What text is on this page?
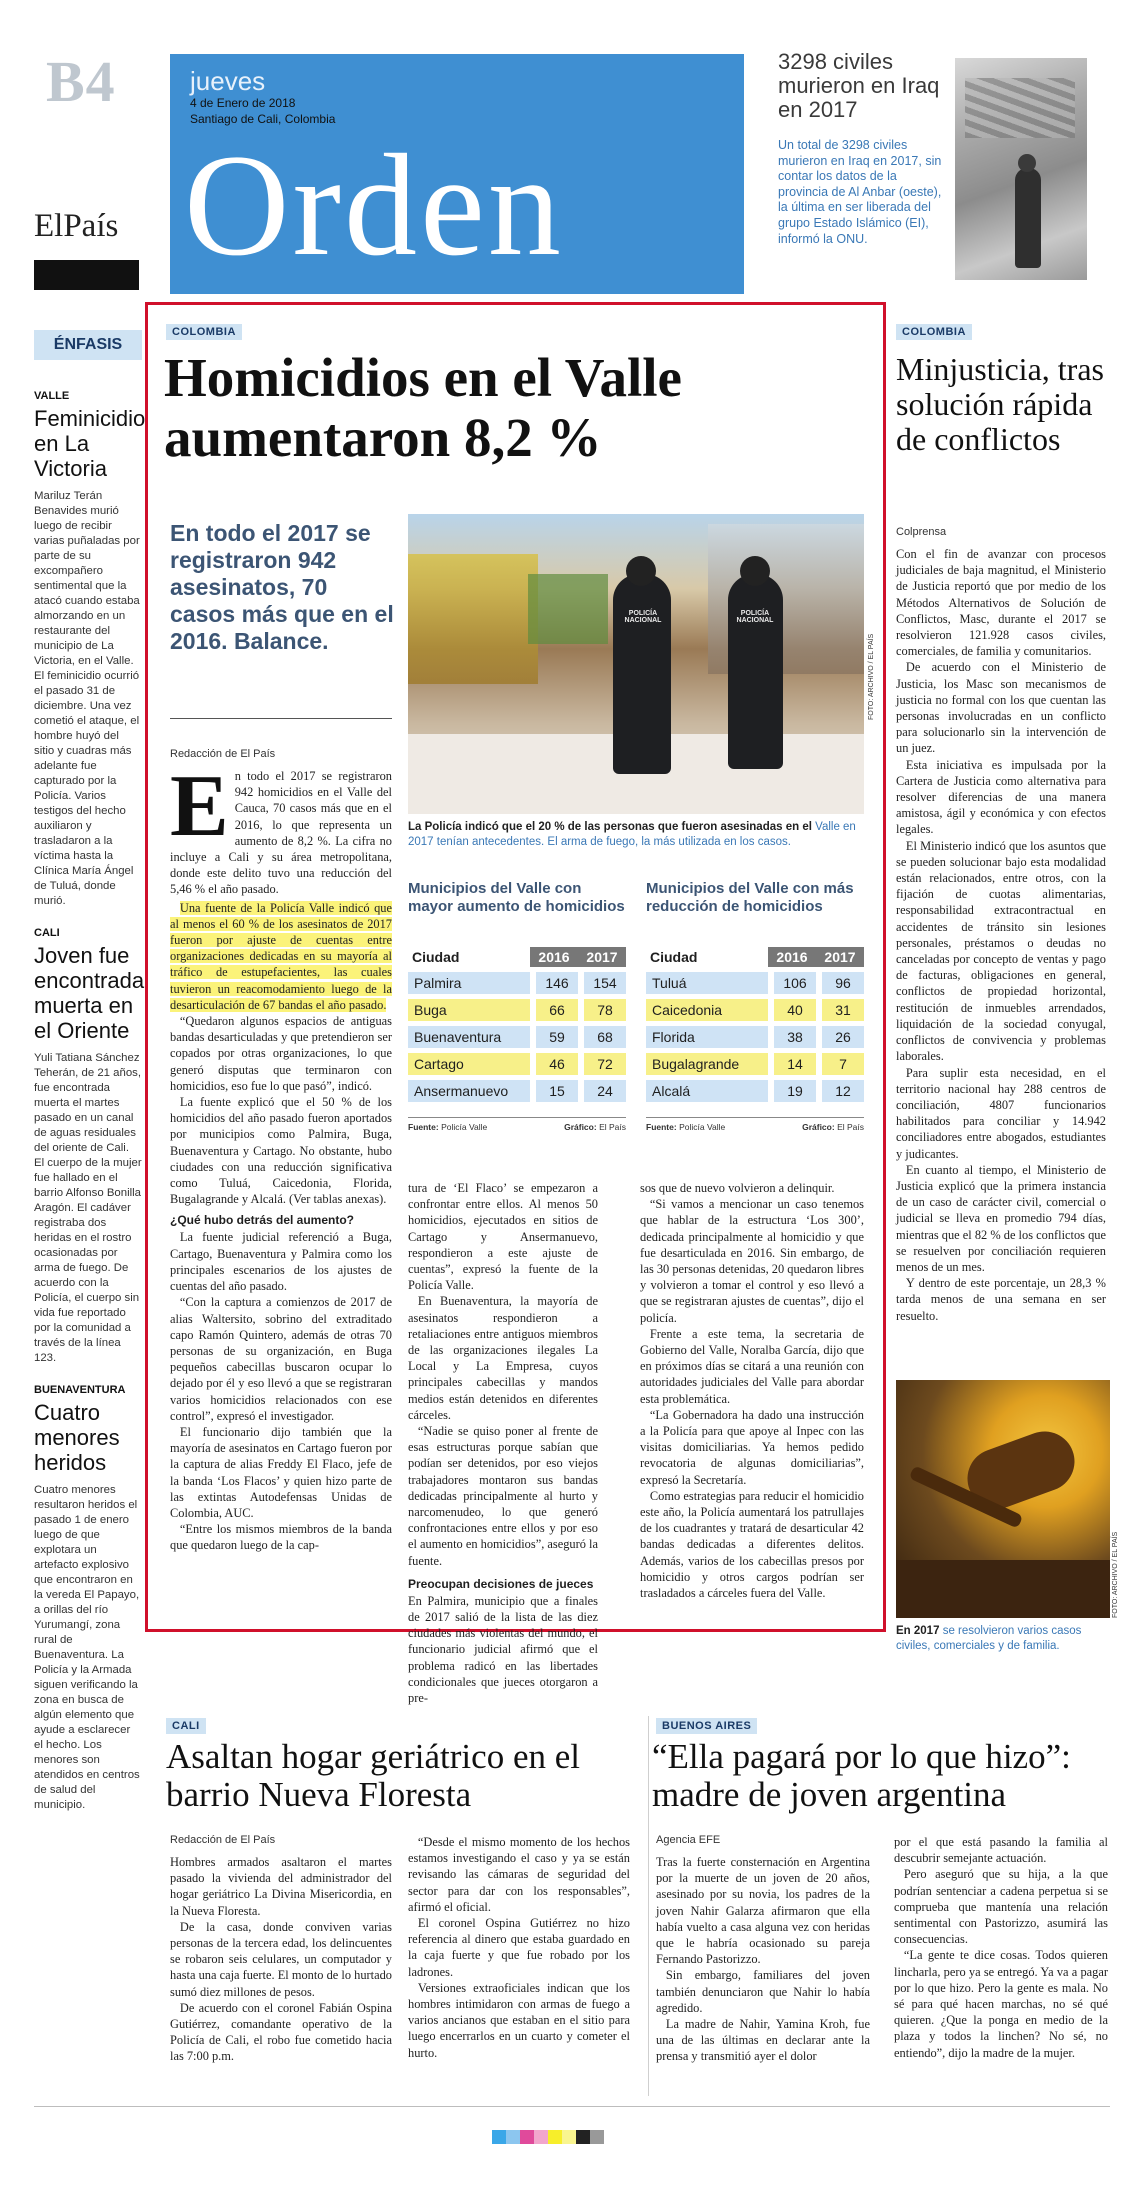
B4
ElPaís
jueves
4 de Enero de 2018
Santiago de Cali, Colombia
Orden
3298 civiles murieron en Iraq en 2017
Un total de 3298 civiles murieron en Iraq en 2017, sin contar los datos de la provincia de Al Anbar (oeste), la última en ser liberada del grupo Estado Islámico (EI), informó la ONU.
ÉNFASIS
VALLE
Feminicidio en La Victoria

Mariluz Terán Benavides murió luego de recibir varias puñaladas por parte de su excompañero sentimental que la atacó cuando estaba almorzando en un restaurante del municipio de La Victoria, en el Valle. El feminicidio ocurrió el pasado 31 de diciembre. Una vez cometió el ataque, el hombre huyó del sitio y cuadras más adelante fue capturado por la Policía. Varios testigos del hecho auxiliaron y trasladaron a la víctima hasta la Clínica María Ángel de Tuluá, donde murió.

CALI
Joven fue encontrada muerta en el Oriente

Yuli Tatiana Sánchez Teherán, de 21 años, fue encontrada muerta el martes pasado en un canal de aguas residuales del oriente de Cali. El cuerpo de la mujer fue hallado en el barrio Alfonso Bonilla Aragón. El cadáver registraba dos heridas en el rostro ocasionadas por arma de fuego. De acuerdo con la Policía, el cuerpo sin vida fue reportado por la comunidad a través de la línea 123.

BUENAVENTURA
Cuatro menores heridos

Cuatro menores resultaron heridos el pasado 1 de enero luego de que explotara un artefacto explosivo que encontraron en la vereda El Papayo, a orillas del río Yurumangí, zona rural de Buenaventura. La Policía y la Armada siguen verificando la zona en busca de algún elemento que ayude a esclarecer el hecho. Los menores son atendidos en centros de salud del municipio.

COLOMBIA
Homicidios en el Valle aumentaron 8,2 %
En todo el 2017 se registraron 942 asesinatos, 70 casos más que en el 2016. Balance.
Redacción de El País
POLICÍA NACIONAL
POLICÍA NACIONAL
FOTO: ARCHIVO / EL PAÍS
La Policía indicó que el 20 % de las personas que fueron asesinadas en el Valle en 2017 tenían antecedentes. El arma de fuego, la más utilizada en los casos.
E n todo el 2017 se registraron 942 homicidios en el Valle del Cauca, 70 casos más que en el 2016, lo que representa un aumento de 8,2 %. La cifra no incluye a Cali y su área metropolitana, donde este delito tuvo una reducción del 5,46 % el año pasado.

Una fuente de la Policía Valle indicó que al menos el 60 % de los asesinatos de 2017 fueron por ajuste de cuentas entre organizaciones dedicadas en su mayoría al tráfico de estupefacientes, las cuales tuvieron un reacomodamiento luego de la desarticulación de 67 bandas el año pasado.

“Quedaron algunos espacios de antiguas bandas desarticuladas y que pretendieron ser copados por otras organizaciones, lo que generó disputas que terminaron con homicidios, eso fue lo que pasó”, indicó.

La fuente explicó que el 50 % de los homicidios del año pasado fueron aportados por municipios como Palmira, Buga, Buenaventura y Cartago. No obstante, hubo ciudades con una reducción significativa como Tuluá, Caicedonia, Florida, Bugalagrande y Alcalá. (Ver tablas anexas).

¿Qué hubo detrás del aumento?

La fuente judicial referenció a Buga, Cartago, Buenaventura y Palmira como los principales escenarios de los ajustes de cuentas del año pasado.

“Con la captura a comienzos de 2017 de alias Waltersito, sobrino del extraditado capo Ramón Quintero, además de otras 70 personas de su organización, en Buga pequeños cabecillas buscaron ocupar lo dejado por él y eso llevó a que se registraran varios homicidios relacionados con ese control”, expresó el investigador.

El funcionario dijo también que la mayoría de asesinatos en Cartago fueron por la captura de alias Freddy El Flaco, jefe de la banda ‘Los Flacos’ y quien hizo parte de las extintas Autodefensas Unidas de Colombia, AUC.

“Entre los mismos miembros de la banda que quedaron luego de la cap-

Municipios del Valle con mayor aumento de homicidios
Ciudad	2016	2017
Palmira	146	154
Buga	66	78
Buenaventura	59	68
Cartago	46	72
Ansermanuevo	15	24
Fuente: Policía Valle	Gráfico: El País
Municipios del Valle con más reducción de homicidios
Ciudad	2016	2017
Tuluá	106	96
Caicedonia	40	31
Florida	38	26
Bugalagrande	14	7
Alcalá	19	12
Fuente: Policía Valle	Gráfico: El País

tura de ‘El Flaco’ se empezaron a confrontar entre ellos. Al menos 50 homicidios, ejecutados en sitios de Cartago y Ansermanuevo, respondieron a este ajuste de cuentas”, expresó la fuente de la Policía Valle.

En Buenaventura, la mayoría de asesinatos respondieron a retaliaciones entre antiguos miembros de las organizaciones ilegales La Local y La Empresa, cuyos principales cabecillas y mandos medios están detenidos en diferentes cárceles.

“Nadie se quiso poner al frente de esas estructuras porque sabían que podían ser detenidos, por eso viejos trabajadores montaron sus bandas dedicadas principalmente al hurto y narcomenudeo, lo que generó confrontaciones entre ellos y por eso el aumento en homicidios”, aseguró la fuente.

Preocupan decisiones de jueces

En Palmira, municipio que a finales de 2017 salió de la lista de las diez ciudades más violentas del mundo, el funcionario judicial afirmó que el problema radicó en las libertades condicionales que jueces otorgaron a pre-

sos que de nuevo volvieron a delinquir.

“Si vamos a mencionar un caso tenemos que hablar de la estructura ‘Los 300’, dedicada principalmente al homicidio y que fue desarticulada en 2016. Sin embargo, de las 30 personas detenidas, 20 quedaron libres y volvieron a tomar el control y eso llevó a que se registraran ajustes de cuentas”, dijo el policía.

Frente a este tema, la secretaria de Gobierno del Valle, Noralba García, dijo que en próximos días se citará a una reunión con autoridades judiciales del Valle para abordar esta problemática.

“La Gobernadora ha dado una instrucción a la Policía para que apoye al Inpec con las visitas domiciliarias. Ya hemos pedido revocatoria de algunas domiciliarias”, expresó la Secretaría.

Como estrategias para reducir el homicidio este año, la Policía aumentará los patrullajes de los cuadrantes y tratará de desarticular 42 bandas dedicadas a diferentes delitos. Además, varios de los cabecillas presos por homicidio y otros cargos podrían ser trasladados a cárceles fuera del Valle.

COLOMBIA
Minjusticia, tras solución rápida de conflictos
Colprensa

Con el fin de avanzar con procesos judiciales de baja magnitud, el Ministerio de Justicia reportó que por medio de los Métodos Alternativos de Solución de Conflictos, Masc, durante el 2017 se resolvieron 121.928 casos civiles, comerciales, de familia y comunitarios.

De acuerdo con el Ministerio de Justicia, los Masc son mecanismos de justicia no formal con los que cuentan las personas involucradas en un conflicto para solucionarlo sin la intervención de un juez.

Esta iniciativa es impulsada por la Cartera de Justicia como alternativa para resolver diferencias de una manera amistosa, ágil y económica y con efectos legales.

El Ministerio indicó que los asuntos que se pueden solucionar bajo esta modalidad están relacionados, entre otros, con la fijación de cuotas alimentarias, responsabilidad extracontractual en accidentes de tránsito sin lesiones personales, préstamos o deudas no canceladas por concepto de ventas y pago de facturas, obligaciones en general, conflictos de propiedad horizontal, restitución de inmuebles arrendados, liquidación de la sociedad conyugal, conflictos de convivencia y problemas laborales.

Para suplir esta necesidad, en el territorio nacional hay 288 centros de conciliación, 4807 funcionarios habilitados para conciliar y 14.942 conciliadores entre abogados, estudiantes y judicantes.

En cuanto al tiempo, el Ministerio de Justicia explicó que la primera instancia de un caso de carácter civil, comercial o judicial se lleva en promedio 794 días, mientras que el 82 % de los conflictos que se resuelven por conciliación requieren menos de un mes.

Y dentro de este porcentaje, un 28,3 % tarda menos de una semana en ser resuelto.

FOTO: ARCHIVO / EL PAÍS
En 2017 se resolvieron varios casos civiles, comerciales y de familia.
CALI
Asaltan hogar geriátrico en el barrio Nueva Floresta
Redacción de El País

Hombres armados asaltaron el martes pasado la vivienda del administrador del hogar geriátrico La Divina Misericordia, en la Nueva Floresta.

De la casa, donde conviven varias personas de la tercera edad, los delincuentes se robaron seis celulares, un computador y hasta una caja fuerte. El monto de lo hurtado sumó diez millones de pesos.

De acuerdo con el coronel Fabián Ospina Gutiérrez, comandante operativo de la Policía de Cali, el robo fue cometido hacia las 7:00 p.m.

“Desde el mismo momento de los hechos estamos investigando el caso y ya se están revisando las cámaras de seguridad del sector para dar con los responsables”, afirmó el oficial.

El coronel Ospina Gutiérrez no hizo referencia al dinero que estaba guardado en la caja fuerte y que fue robado por los ladrones.

Versiones extraoficiales indican que los hombres intimidaron con armas de fuego a varios ancianos que estaban en el sitio para luego encerrarlos en un cuarto y cometer el hurto.

BUENOS AIRES
“Ella pagará por lo que hizo”: madre de joven argentina
Agencia EFE

Tras la fuerte consternación en Argentina por la muerte de un joven de 20 años, asesinado por su novia, los padres de la joven Nahir Galarza afirmaron que ella había vuelto a casa alguna vez con heridas que le habría ocasionado su pareja Fernando Pastorizzo.

Sin embargo, familiares del joven también denunciaron que Nahir lo había agredido.

La madre de Nahir, Yamina Kroh, fue una de las últimas en declarar ante la prensa y transmitió ayer el dolor

por el que está pasando la familia al descubrir semejante actuación.

Pero aseguró que su hija, a la que podrían sentenciar a cadena perpetua si se comprueba que mantenía una relación sentimental con Pastorizzo, asumirá las consecuencias.

“La gente te dice cosas. Todos quieren lincharla, pero ya se entregó. Ya va a pagar por lo que hizo. Pero la gente es mala. No sé para qué hacen marchas, no sé qué quieren. ¿Que la ponga en medio de la plaza y todos la linchen? No sé, no entiendo”, dijo la madre de la mujer.
